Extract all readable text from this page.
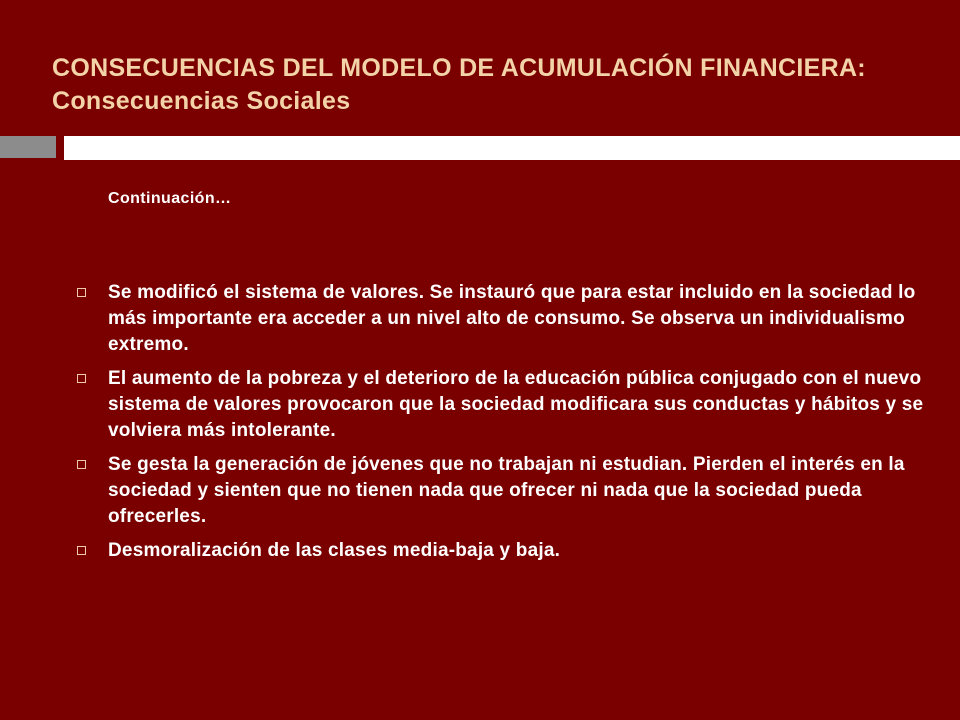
CONSECUENCIAS DEL MODELO DE ACUMULACIÓN FINANCIERA: Consecuencias Sociales
Continuación…
Se modificó el sistema de valores. Se instauró que para estar incluido en la sociedad lo más importante era acceder a un nivel alto de consumo. Se observa un individualismo extremo.
El aumento de la pobreza y el deterioro de la educación pública conjugado con el nuevo sistema de valores provocaron que la sociedad modificara sus conductas y hábitos y se volviera más intolerante.
Se gesta la generación de jóvenes que no trabajan ni estudian. Pierden el interés en la sociedad y sienten que no tienen nada que ofrecer ni nada que la sociedad pueda ofrecerles.
Desmoralización de las clases media-baja y baja.
